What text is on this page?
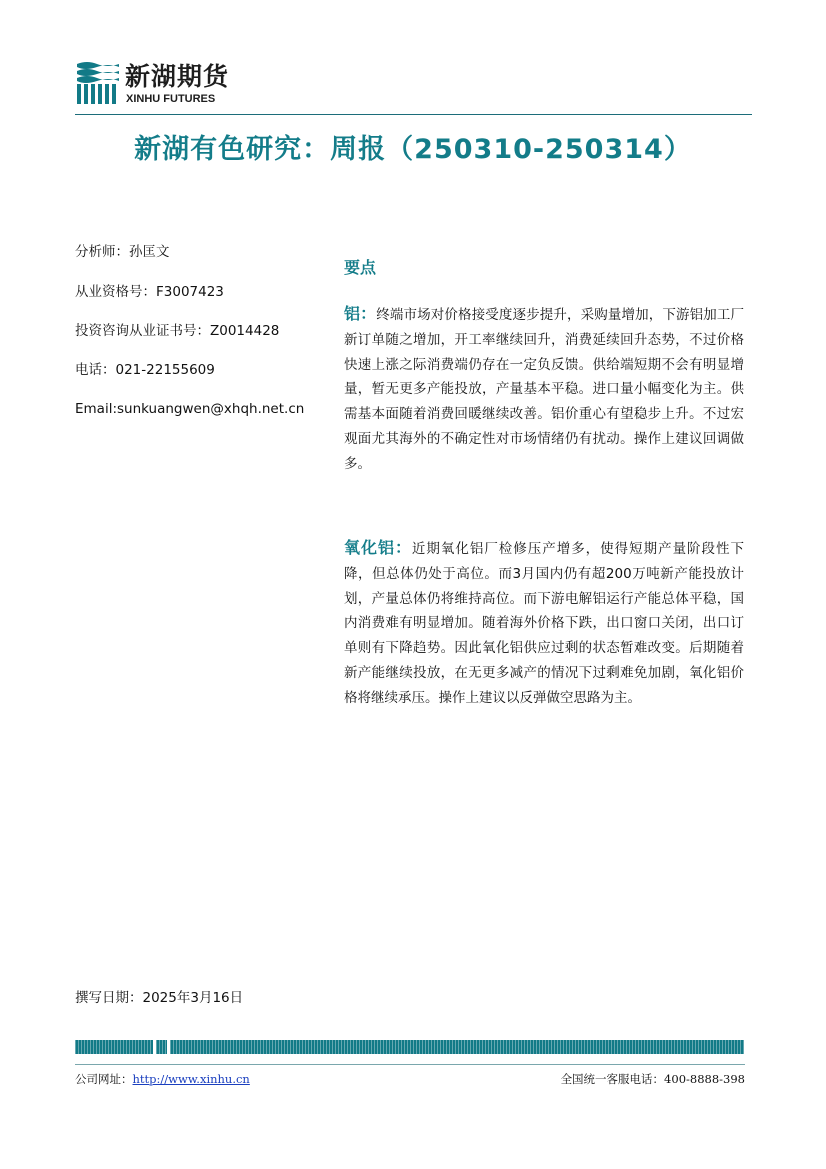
新湖期货
XINHU FUTURES
新湖有色研究：周报（250310-250314）
分析师：孙匡文
从业资格号：F3007423
投资咨询从业证书号：Z0014428
电话：021-22155609
Email:sunkuangwen@xhqh.net.cn
要点

铝：终端市场对价格接受度逐步提升，采购量增加，下游铝加工厂新订单随之增加，开工率继续回升，消费延续回升态势，不过价格快速上涨之际消费端仍存在一定负反馈。供给端短期不会有明显增量，暂无更多产能投放，产量基本平稳。进口量小幅变化为主。供需基本面随着消费回暖继续改善。铝价重心有望稳步上升。不过宏观面尤其海外的不确定性对市场情绪仍有扰动。操作上建议回调做多。

氧化铝：近期氧化铝厂检修压产增多，使得短期产量阶段性下降，但总体仍处于高位。而3月国内仍有超200万吨新产能投放计划，产量总体仍将维持高位。而下游电解铝运行产能总体平稳，国内消费难有明显增加。随着海外价格下跌，出口窗口关闭，出口订单则有下降趋势。因此氧化铝供应过剩的状态暂难改变。后期随着新产能继续投放，在无更多减产的情况下过剩难免加剧，氧化铝价格将继续承压。操作上建议以反弹做空思路为主。

撰写日期：2025年3月16日
公司网址：http://www.xinhu.cn	全国统一客服电话：400-8888-398
